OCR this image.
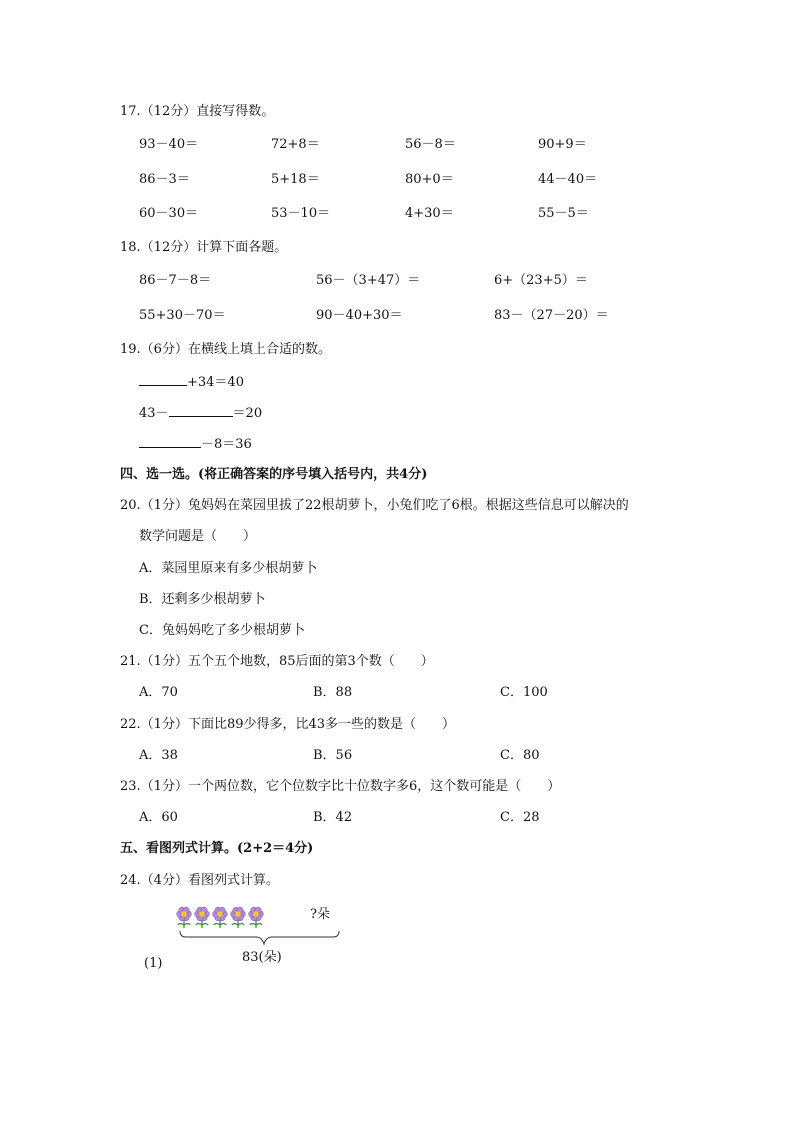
17.（12分）直接写得数。
93－40＝	72+8＝	56－8＝	90+9＝
86－3＝	5+18＝	80+0＝	44－40＝
60－30＝	53－10＝	4+30＝	55－5＝
18.（12分）计算下面各题。
86－7－8＝	56－（3+47）＝	6+（23+5）＝
55+30－70＝	90－40+30＝	83－（27－20）＝
19.（6分）在横线上填上合适的数。
+34＝40
43－	＝20
－8＝36
四、选一选。(将正确答案的序号填入括号内，共4分)
20.（1分）兔妈妈在菜园里拔了22根胡萝卜，小兔们吃了6根。根据这些信息可以解决的
数学问题是（　　）
A．菜园里原来有多少根胡萝卜
B．还剩多少根胡萝卜
C．兔妈妈吃了多少根胡萝卜
21.（1分）五个五个地数，85后面的第3个数（　　）
A．70	B．88	C．100
22.（1分）下面比89少得多，比43多一些的数是（　　）
A．38	B．56	C．80
23.（1分）一个两位数，它个位数字比十位数字多6，这个数可能是（　　）
A．60	B．42	C．28
五、看图列式计算。(2+2＝4分)
24.（4分）看图列式计算。
?朵
83(朵)
(1)
